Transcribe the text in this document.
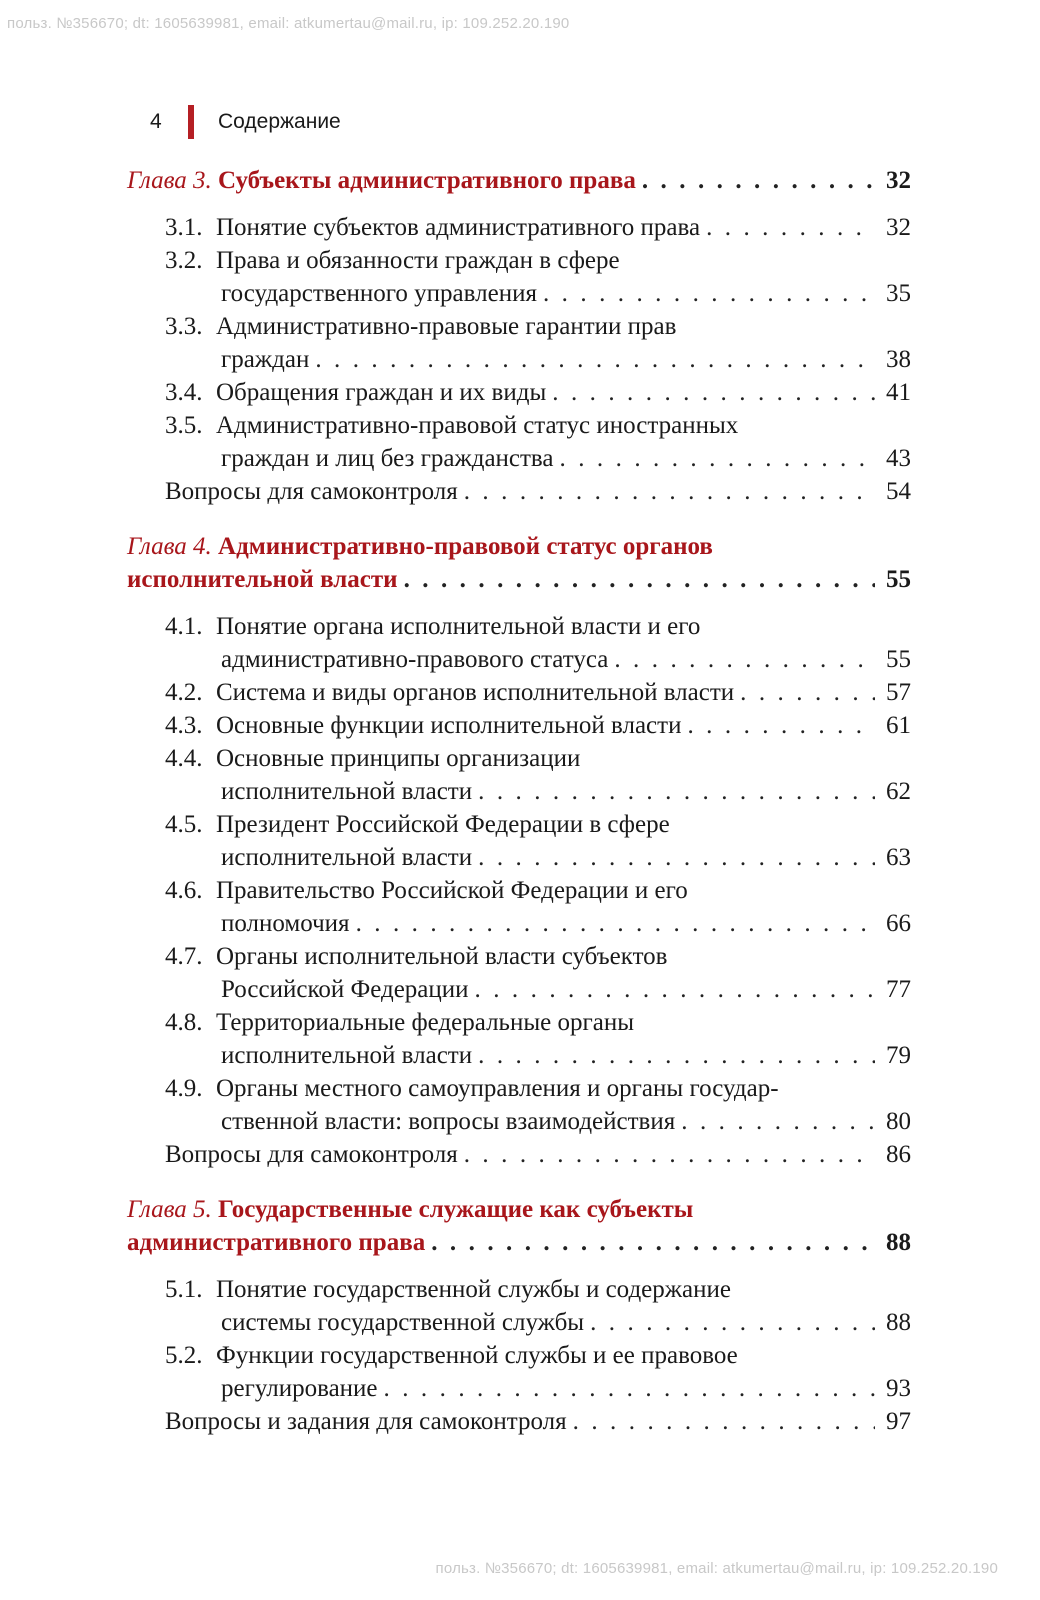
польз. №356670; dt: 1605639981, email: atkumertau@mail.ru, ip: 109.252.20.190
4	Содержание
Глава 3. Субъекты административного права . . .	32
3.1. Понятие субъектов административного права . . .	32
3.2. Права и обязанности граждан в сфере
государственного управления . . .	35
3.3. Административно-правовые гарантии прав
граждан . . .	38
3.4. Обращения граждан и их виды . . .	41
3.5. Административно-правовой статус иностранных
граждан и лиц без гражданства . . .	43
Вопросы для самоконтроля . . .	54
Глава 4. Административно-правовой статус органов
исполнительной власти . . .	55
4.1. Понятие органа исполнительной власти и его
административно-правового статуса . . .	55
4.2. Система и виды органов исполнительной власти . . .	57
4.3. Основные функции исполнительной власти . . .	61
4.4. Основные принципы организации
исполнительной власти . . .	62
4.5. Президент Российской Федерации в сфере
исполнительной власти . . .	63
4.6. Правительство Российской Федерации и его
полномочия . . .	66
4.7. Органы исполнительной власти субъектов
Российской Федерации . . .	77
4.8. Территориальные федеральные органы
исполнительной власти . . .	79
4.9. Органы местного самоуправления и органы государ-
ственной власти: вопросы взаимодействия . . .	80
Вопросы для самоконтроля . . .	86
Глава 5. Государственные служащие как субъекты
административного права . . .	88
5.1. Понятие государственной службы и содержание
системы государственной службы . . .	88
5.2. Функции государственной службы и ее правовое
регулирование . . .	93
Вопросы и задания для самоконтроля . . .	97
польз. №356670; dt: 1605639981, email: atkumertau@mail.ru, ip: 109.252.20.190
